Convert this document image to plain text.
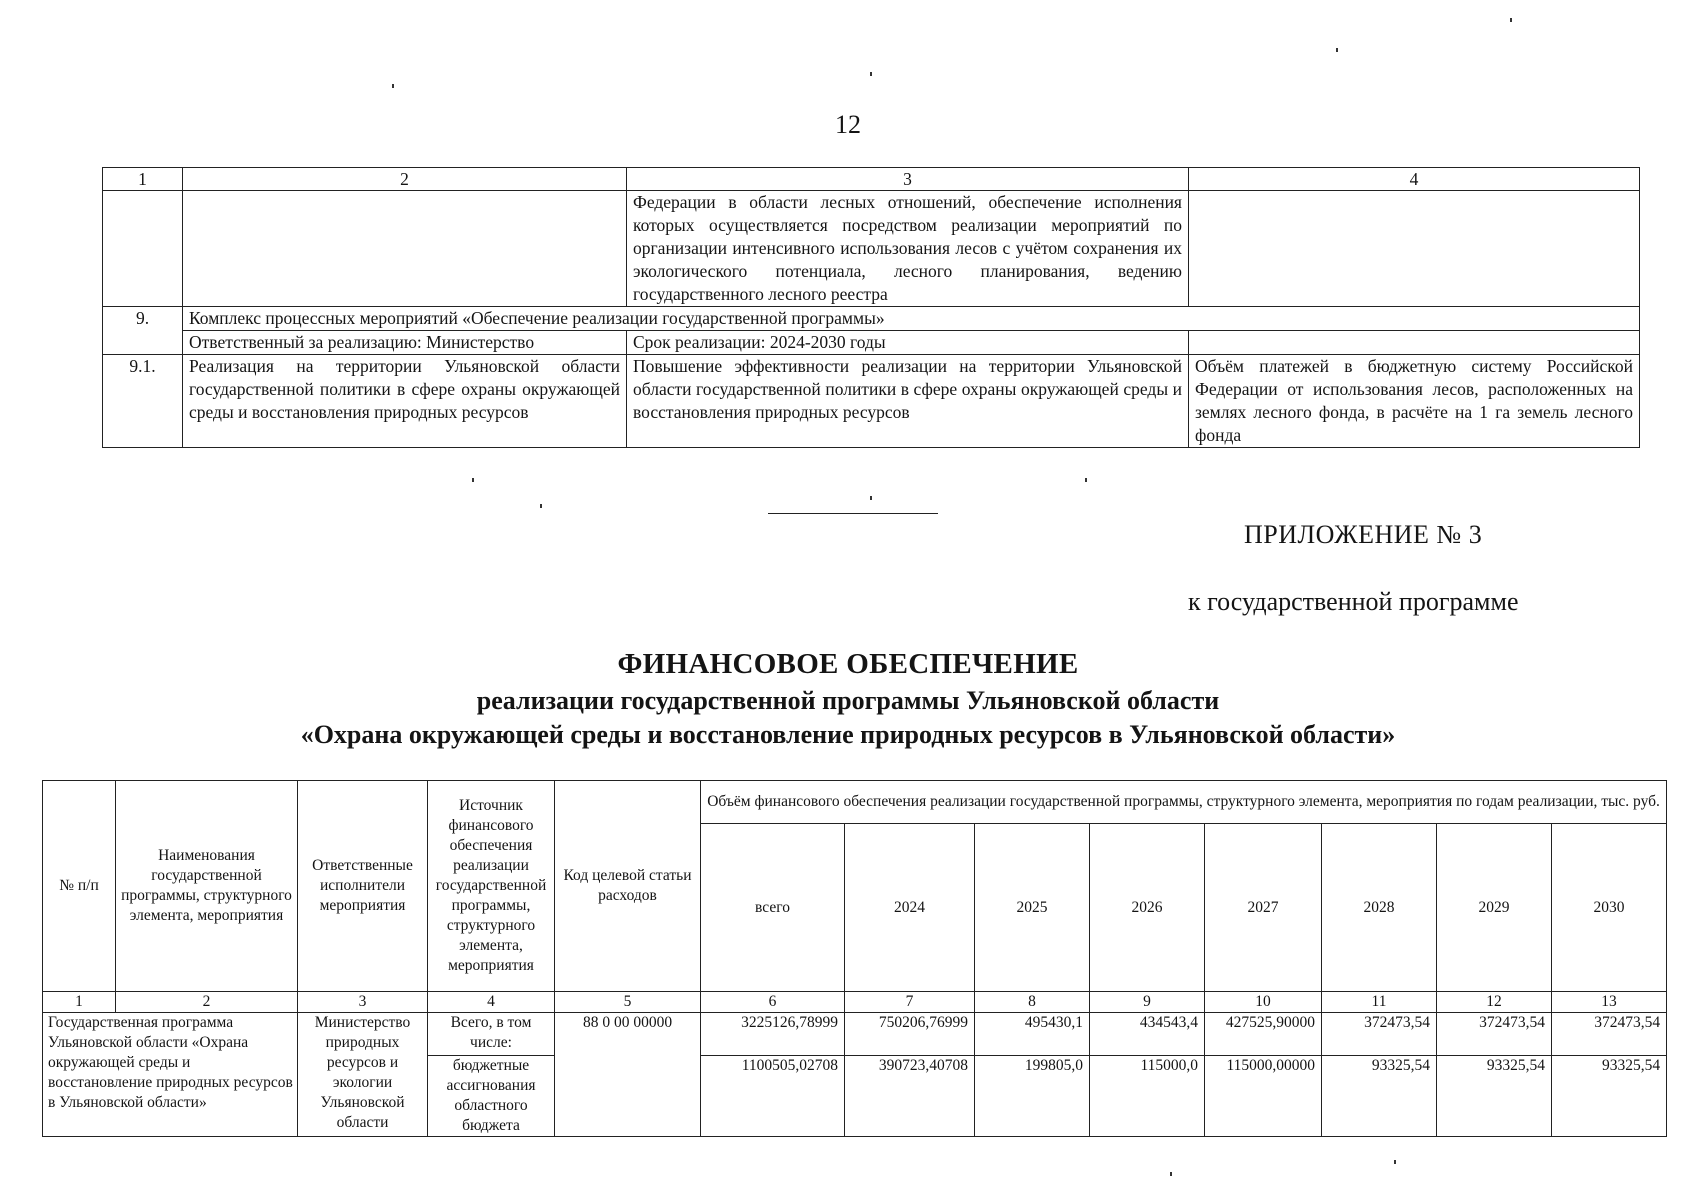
12
1	2	3	4
		Федерации в области лесных отношений, обеспечение исполнения которых осуществляется посредством реализации мероприятий по организации интенсивного использования лесов с учётом сохранения их экологического потенциала, лесного планирования, ведению государственного лесного реестра	
9.	Комплекс процессных мероприятий «Обеспечение реализации государственной программы»		
	Ответственный за реализацию: Министерство	Срок реализации: 2024-2030 годы	
9.1.	Реализация на территории Ульяновской области государственной политики в сфере охраны окружающей среды и восстановления природных ресурсов	Повышение эффективности реализации на территории Ульяновской области государственной политики в сфере охраны окружающей среды и восстановления природных ресурсов	Объём платежей в бюджетную систему Российской Федерации от использования лесов, расположенных на землях лесного фонда, в расчёте на 1 га земель лесного фонда
ПРИЛОЖЕНИЕ № 3
к государственной программе
ФИНАНСОВОЕ ОБЕСПЕЧЕНИЕ
реализации государственной программы Ульяновской области
«Охрана окружающей среды и восстановление природных ресурсов в Ульяновской области»
№ п/п	Наименования государственной программы, структурного элемента, мероприятия	Ответственные исполнители мероприятия	Источник финансового обеспечения реализации государственной программы, структурного элемента, мероприятия	Код целевой статьи расходов	Объём финансового обеспечения реализации государственной программы, структурного элемента, мероприятия по годам реализации, тыс. руб.							
					всего	2024	2025	2026	2027	2028	2029	2030
1	2	3	4	5	6	7	8	9	10	11	12	13
Государственная программа Ульяновской области «Охрана окружающей среды и восстановление природных ресурсов в Ульяновской области»		Министерство природных ресурсов и экологии Ульяновской области	Всего, в том числе:	88 0 00 00000	3225126,78999	750206,76999	495430,1	434543,4	427525,90000	372473,54	372473,54	372473,54
			бюджетные ассигнования областного бюджета		1100505,02708	390723,40708	199805,0	115000,0	115000,00000	93325,54	93325,54	93325,54
